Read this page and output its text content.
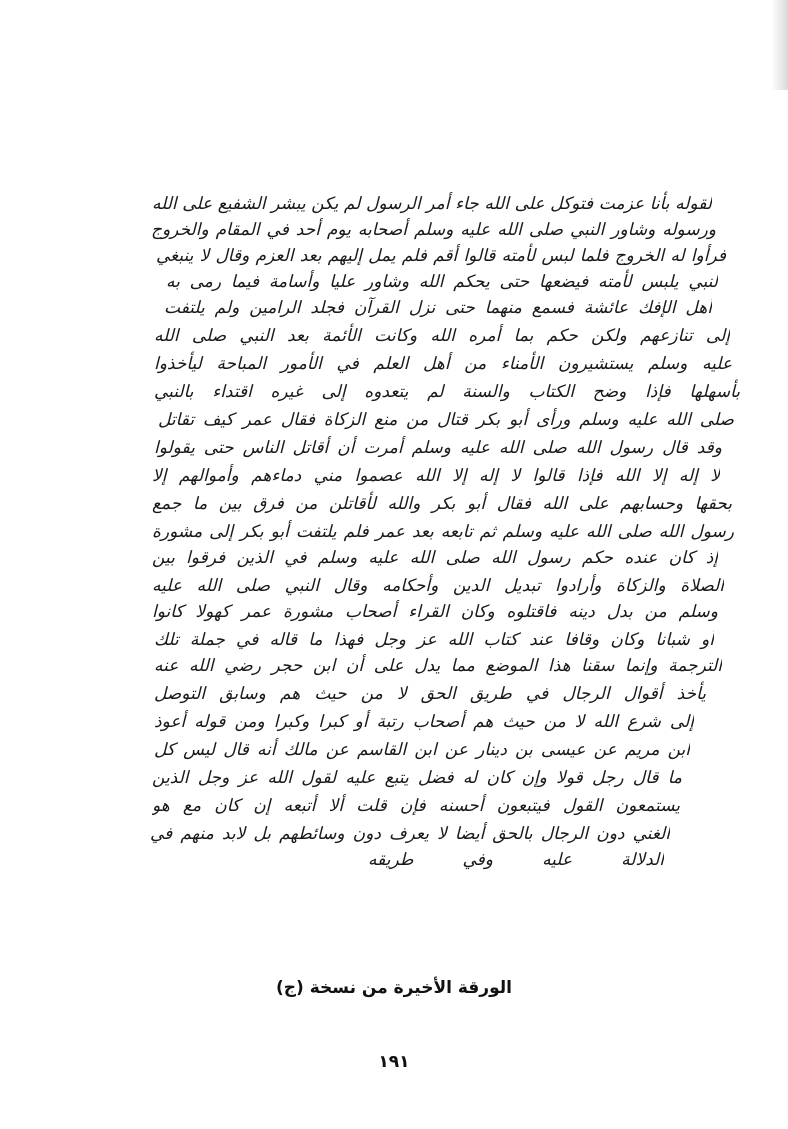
لقوله بأنا عزمت فتوكل على الله جاء أمر الرسول لم يكن يبشر الشفيع على الله
ورسوله وشاور النبي صلى الله عليه وسلم أصحابه يوم أحد في المقام والخروج
فرأوا له الخروج فلما لبس لأمته قالوا أقم فلم يمل إليهم بعد العزم وقال لا ينبغي
لنبي يلبس لأمته فيضعها حتى يحكم الله وشاور عليا وأسامة فيما رمى به
أهل الإفك عائشة فسمع منهما حتى نزل القرآن فجلد الرامين ولم يلتفت
إلى تنازعهم ولكن حكم بما أمره الله وكانت الأئمة بعد النبي صلى الله
عليه وسلم يستشيرون الأمناء من أهل العلم في الأمور المباحة ليأخذوا
بأسهلها فإذا وضح الكتاب والسنة لم يتعدوه إلى غيره اقتداء بالنبي
صلى الله عليه وسلم ورأى أبو بكر قتال من منع الزكاة فقال عمر كيف تقاتل
وقد قال رسول الله صلى الله عليه وسلم أمرت أن أقاتل الناس حتى يقولوا
لا إله إلا الله فإذا قالوا لا إله إلا الله عصموا مني دماءهم وأموالهم إلا
بحقها وحسابهم على الله فقال أبو بكر والله لأقاتلن من فرق بين ما جمع
رسول الله صلى الله عليه وسلم ثم تابعه بعد عمر فلم يلتفت أبو بكر إلى مشورة
إذ كان عنده حكم رسول الله صلى الله عليه وسلم في الذين فرقوا بين
الصلاة والزكاة وأرادوا تبديل الدين وأحكامه وقال النبي صلى الله عليه
وسلم من بدل دينه فاقتلوه وكان القراء أصحاب مشورة عمر كهولا كانوا
أو شبانا وكان وقافا عند كتاب الله عز وجل فهذا ما قاله في جملة تلك
الترجمة وإنما سقنا هذا الموضع مما يدل على أن ابن حجر رضي الله عنه
يأخذ أقوال الرجال في طريق الحق لا من حيث هم وسابق التوصل
إلى شرع الله لا من حيث هم أصحاب رتبة أو كبرا وكبرا ومن قوله أعوذ
ابن مريم عن عيسى بن دينار عن ابن القاسم عن مالك أنه قال ليس كل
ما قال رجل قولا وإن كان له فضل يتبع عليه لقول الله عز وجل الذين
يستمعون القول فيتبعون أحسنه فإن قلت ألا أتبعه إن كان مع هو
الغني دون الرجال بالحق أيضا لا يعرف دون وسائطهم بل لابد منهم في
الدلالة عليه وفي طريقه
الورقة الأخيرة من نسخة (ج)
١٩١
